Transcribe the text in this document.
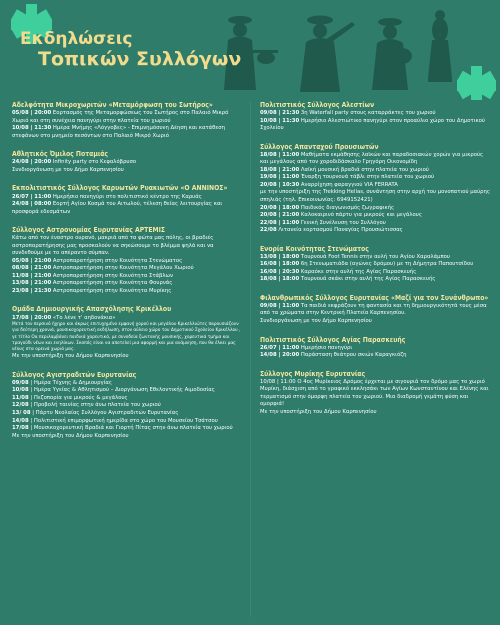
Εκδηλώσεις
Τοπικών Συλλόγων
Αδελφότητα Μικροχωριτών «Μεταμόρφωση του Σωτήρος»
05/08 | 20:00 Εορτασμός της Μεταμορφώσεως του Σωτήρος στο Παλαιό Μικρό Χωριό και στη συνέχεια πανηγύρι στην πλατεία του χωριού
10/08 | 11:30 Ημέρα Μνήμης «Λόγγοβες» - Επιμνημόσυνη Δέηση και κατάθεση στεφάνων στο μνημείο πεσόντων στο Παλαιό Μικρό Χωριό
Αθλητικός Όμιλος Ποταμιάς
24/08 | 20:00 Infinity party στο Κεφαλόβρυσο
Συνδιοργάνωση με τον Δήμο Καρπενησίου
Εκπολιτιστικός Σύλλογος Καρυωτών Ρυακιωτών «Ο ΑΝΝΙΝΟΣ»
26/07 | 11:00 Ημερήσιο πανηγύρι στο πολιτιστικό κέντρο της Καρυάς
24/08 | 08:00 Εορτή Αγίου Κοσμά του Αιτωλού, τέλεση θείας λειτουργίας και προσφορά εδεσμάτων
Σύλλογος Αστρονομίας Ευρυτανίας ΑΡΤΕΜΙΣ
Κάτω από τον έναστρο ουρανό, μακριά από τα φώτα μας πόλης, οι βραδιές αστροπαρατήρησης μας προσκαλούν να σηκώσουμε το βλέμμα ψηλά και να συνδεθούμε με το απέραντο σύμπαν.
05/08 | 21:00 Αστροπαρατήρηση στην Κοινότητα Στενώματος
08/08 | 21:00 Αστροπαρατήρηση στην Κοινότητα Μεγάλου Χωριού
11/08 | 21:00 Αστροπαρατήρηση στην Κοινότητα Στάβλων
13/08 | 21:00 Αστροπαρατήρηση στην Κοινότητα Φουρνάς
23/08 | 21:30 Αστροπαρατήρηση στην Κοινότητα Μυρίκης
Ομάδα Δημιουργικής Απασχόλησης Κρικέλλου
17/08 | 20:00 «Το λένε τ' αηδονάκια»
Μετά τον περσινό ήχηρο και άκρως επιτυχημένο εμφανή χορού και μεγάλου Κρικελλιώτες παρουσιάζουν για δεύτερη χρονιά, μουσικοχορευτική εκδήλωση, στον αύλειο χώρο του Δημοτικού Σχολείου Κρικέλλου , γε τίτλο Οα περιλαμβάνει παιδικά χορευτικά, με συνοδεία ζωντανής μουσικής, χορευτικά τμήμα και τραγούδι νέων και ενηλίκων. Σκοπός είναι να αποτελεί μια αφορμή και μια ανάμνηση, που θα έλκει μας νέους στα ορεινά χωριά μας.
Με την υποστήριξη του Δήμου Καρπενησίου
Σύλλογος Αγιστραδιτών Ευρυτανίας
09/08 | Ημέρα Τέχνης & Δημιουργίας
10/08 | Ημέρα Υγείας & Αθλητισμού – Διοργάνωση Εθελοντικής Αιμοδοσίας
11/08 | Πεζοπορία για μικρούς & μεγάλους
12/08 | Προβολή ταινίας στην άνω πλατεία του χωριού
13/ 08 | Πάρτυ Νεολαίας Συλλόγου Αγιστραδιτών Ευρυτανίας
14/08 | Πολιτιστική επιμορφωτική ημερίδα στο χώρο του Μουσείου Τσάτσου
17/08 | Μουσικοχορευτική Βραδιά και Γιορτή Πίτας στην άνω πλατεία του χωριού
Με την υποστήριξη του Δήμου Καρπενησίου
Πολιτιστικός Σύλλογος Αλεστίων
09/08 | 21:30 3η Waterfall party στους καταρράκτες του χωριού
10/08 | 11:30 Ημερήσιο Αλεστιώτικο πανηγύρι στον προαύλιο χώρο του Δημοτικού Σχολείου
Σύλλογος Απανταχού Προυσιωτών
18/08 | 11:00 Μαθήματα εκμάθησης λαϊκών και παραδοσιακών χορών για μικρούς και μεγάλους από τον χοροδιδάσκαλο Γρηγόρη Οικονομίδη
18/08 | 21:00 Λαϊκή μουσική βραδιά στην πλατεία του χωριού
19/08 | 11:00 Έναρξη τουρνουά τάβλι στην πλατεία του χωριού
20/08 | 10:30 Αναρρίχηση φαραγγιού VIA FERRATA
με την υποστήριξη της Trekking Hellas, συνάντηση στην αρχή του μονοπατιού μαύρης σπηλιάς (τηλ. Επικοινωνίας: 6949152421)
20/08 | 18:00 Παιδικός διαγωνισμός ζωγραφικής
20/08 | 21:00 Καλοκαιρινό πάρτυ για μικρούς και μεγάλους
22/08 | 11:00 Γενική Συνέλευση του Συλλόγου
22/08 Λιτανεία εορτασμού Παναγίας Προυσιώτισσας
Ενορία Κοινότητας Στενώματος
13/08 | 18:00 Τουρνουά Foot Tennis στην αυλή του Αγίου Χαραλάμπου
16/08 | 18:00 6η Στενωματιάδα (αγώνες δρόμου) με τη Δήμητρα Παπουτσίδου
16/08 | 20:30 Καραόκε στην αυλή της Αγίας Παρασκευής
18/08 | 18:00 Τουρνουά σκάκι στην αυλή της Αγίας Παρασκευής
Φιλανθρωπικός Σύλλογος Ευρυτανίας «Μαζί για τον Συνάνθρωπο»
09/08 | 11:00 Τα παιδιά εκφράζουν τη φαντασία και τη δημιουργικότητά τους μέσα από τα χρώματα στην Κεντρική Πλατεία Καρπενησίου.
Συνδιοργάνωση με τον Δήμο Καρπενησίου
Πολιτιστικός Σύλλογος Αγίας Παρασκευής
26/07 | 11:00 Ημερήσιο πανηγύρι
14/08 | 20:00 Παράσταση θεάτρου σκιών Καραγκιόζη
Σύλλογος Μυρίκης Ευρυτανίας
10/08 | 11:00 Ο 4ος Μυρίκειος Δρόμος έρχεται με σιγουριά τον δρόμο μας το χωριό Μυρίκη, διάσχιση από το γραφικό εκκλησάκι των Αγίων Κωνσταντίνου και Ελένης και τερματισμό στην όμορφη πλατεία του χωριού. Μια διαδρομή γεμάτη φύση και ομορφιά!
Με την υποστήριξη του Δήμου Καρπενησίου
